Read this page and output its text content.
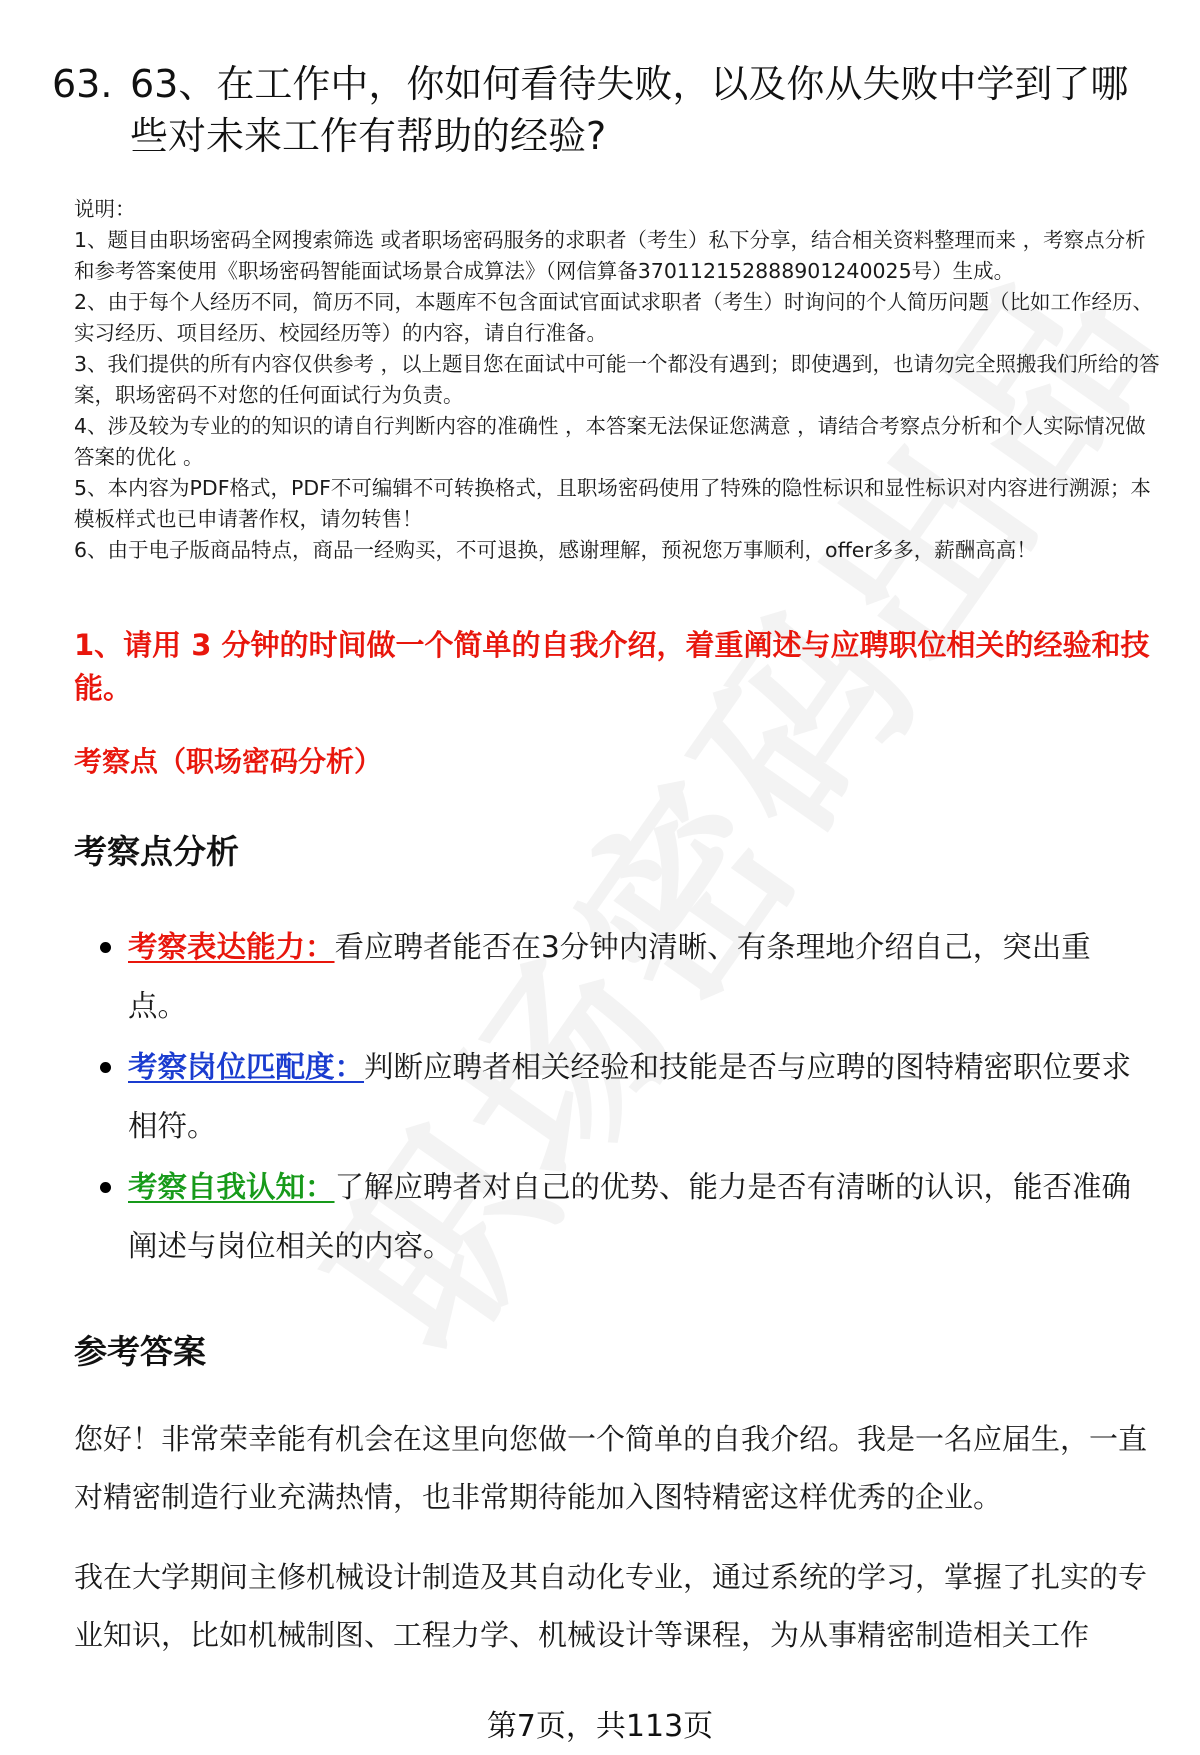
63. 63、在工作中，你如何看待失败，以及你从失败中学到了哪些对未来工作有帮助的经验?

说明：

1、题目由职场密码全网搜索筛选 或者职场密码服务的求职者（考生）私下分享，结合相关资料整理而来 ，考察点分析和参考答案使用《职场密码智能面试场景合成算法》（网信算备370112152888901240025号）生成。

2、由于每个人经历不同，简历不同，本题库不包含面试官面试求职者（考生）时询问的个人简历问题（比如工作经历、实习经历、项目经历、校园经历等）的内容，请自行准备。

3、我们提供的所有内容仅供参考 ，以上题目您在面试中可能一个都没有遇到；即使遇到，也请勿完全照搬我们所给的答案，职场密码不对您的任何面试行为负责。

4、涉及较为专业的的知识的请自行判断内容的准确性 ，本答案无法保证您满意 ，请结合考察点分析和个人实际情况做答案的优化 。

5、本内容为PDF格式，PDF不可编辑不可转换格式，且职场密码使用了特殊的隐性标识和显性标识对内容进行溯源；本模板样式也已申请著作权，请勿转售！

6、由于电子版商品特点，商品一经购买，不可退换，感谢理解，预祝您万事顺利，offer多多，薪酬高高！

1、请用 3 分钟的时间做一个简单的自我介绍，着重阐述与应聘职位相关的经验和技能。
考察点（职场密码分析）
考察点分析
考察表达能力：看应聘者能否在3分钟内清晰、有条理地介绍自己，突出重点。
考察岗位匹配度：判断应聘者相关经验和技能是否与应聘的图特精密职位要求相符。
考察自我认知：了解应聘者对自己的优势、能力是否有清晰的认识，能否准确阐述与岗位相关的内容。
参考答案

您好！非常荣幸能有机会在这里向您做一个简单的自我介绍。我是一名应届生，一直对精密制造行业充满热情，也非常期待能加入图特精密这样优秀的企业。

我在大学期间主修机械设计制造及其自动化专业，通过系统的学习，掌握了扎实的专业知识，比如机械制图、工程力学、机械设计等课程，为从事精密制造相关工作

第7页，共113页
